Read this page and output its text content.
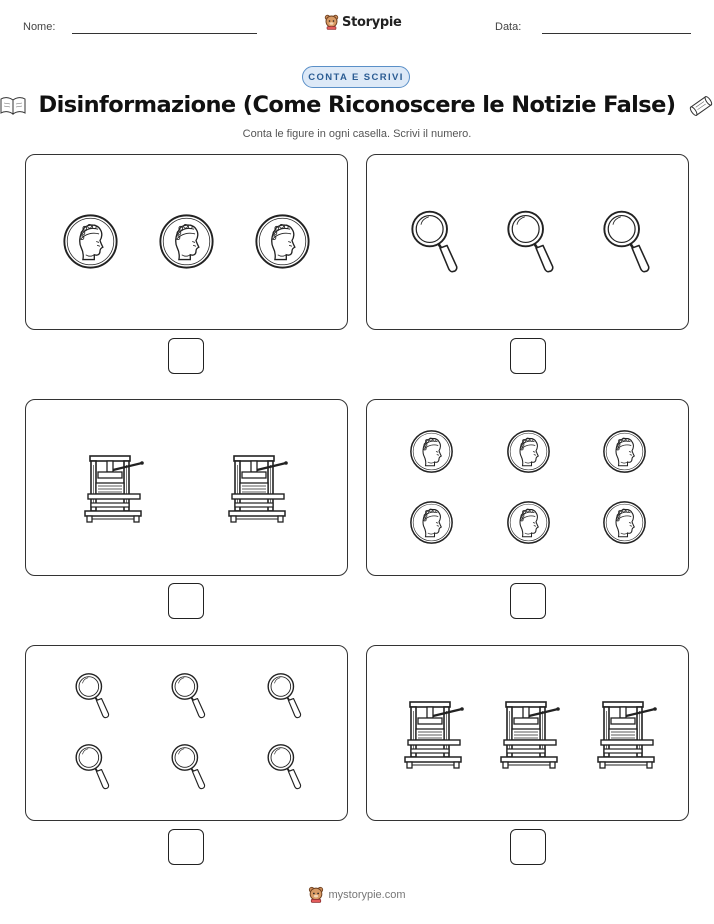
Nome:	Storypie	Data:
CONTA E SCRIVI
Disinformazione (Come Riconoscere le Notizie False)
Conta le figure in ogni casella. Scrivi il numero.
mystorypie.com
